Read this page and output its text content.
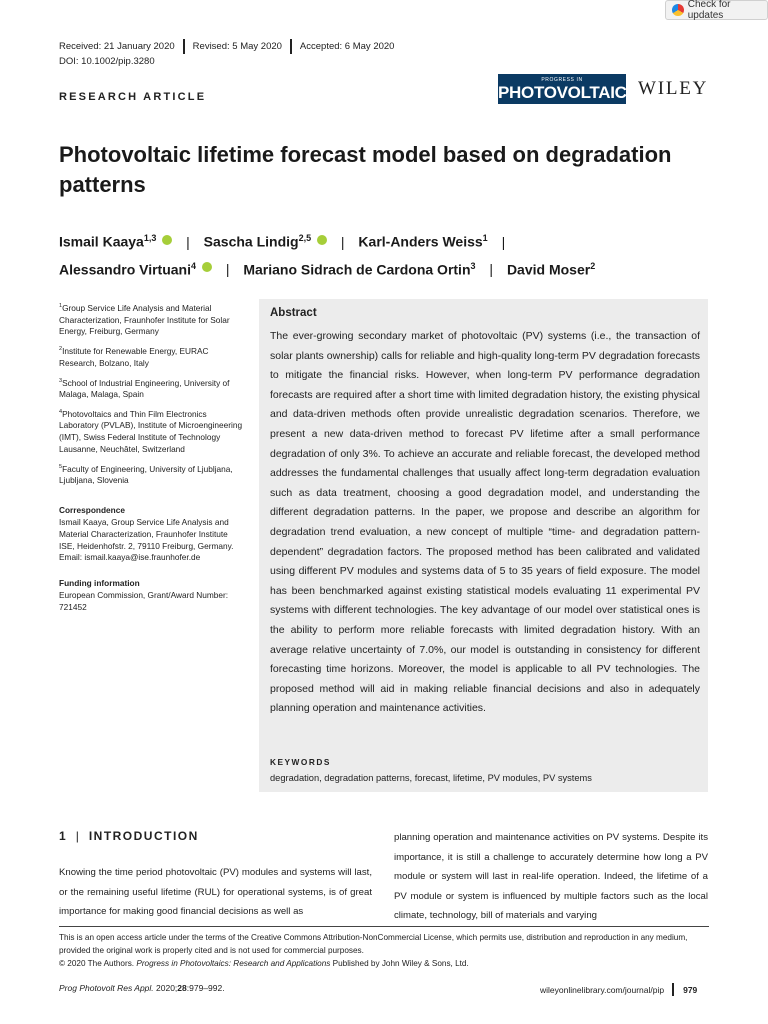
Check for updates
Received: 21 January 2020 Revised: 5 May 2020 Accepted: 6 May 2020
DOI: 10.1002/pip.3280
RESEARCH ARTICLE
PROGRESS IN
PHOTOVOLTAICS WILEY
Photovoltaic lifetime forecast model based on degradation patterns
Ismail Kaaya$^{1,3}$ iD | Sascha Lindig$^{2,5}$ iD | Karl-Anders Weiss$^1$ |
Alessandro Virtuani$^4$ iD | Mariano Sidrach de Cardona Ortin$^3$ | David Moser$^2$

$^1$Group Service Life Analysis and Material Characterization, Fraunhofer Institute for Solar Energy, Freiburg, Germany

$^2$Institute for Renewable Energy, EURAC Research, Bolzano, Italy

$^3$School of Industrial Engineering, University of Malaga, Malaga, Spain

$^4$Photovoltaics and Thin Film Electronics Laboratory (PVLAB), Institute of Microengineering (IMT), Swiss Federal Institute of Technology Lausanne, Neuchâtel, Switzerland

$^5$Faculty of Engineering, University of Ljubljana, Ljubljana, Slovenia

Correspondence

Ismail Kaaya, Group Service Life Analysis and Material Characterization, Fraunhofer Institute ISE, Heidenhofstr. 2, 79110 Freiburg, Germany.

Email: ismail.kaaya@ise.fraunhofer.de

Funding information

European Commission, Grant/Award Number: 721452

Abstract
The ever-growing secondary market of photovoltaic (PV) systems (i.e., the transaction of solar plants ownership) calls for reliable and high-quality long-term PV degradation forecasts to mitigate the financial risks. However, when long-term PV performance degradation forecasts are required after a short time with limited degradation history, the existing physical and data-driven methods often provide unrealistic degradation scenarios. Therefore, we present a new data-driven method to forecast PV lifetime after a small performance degradation of only 3%. To achieve an accurate and reliable forecast, the developed method addresses the fundamental challenges that usually affect long-term degradation evaluation such as data treatment, choosing a good degradation model, and understanding the different degradation patterns. In the paper, we propose and describe an algorithm for degradation trend evaluation, a new concept of multiple “time- and degradation pattern-dependent” degradation factors. The proposed method has been calibrated and validated using different PV modules and systems data of 5 to 35 years of field exposure. The model has been benchmarked against existing statistical models evaluating 11 experimental PV systems with different technologies. The key advantage of our model over statistical ones is the ability to perform more reliable forecasts with limited degradation history. With an average relative uncertainty of 7.0%, our model is outstanding in consistency for different forecasting time horizons. Moreover, the model is applicable to all PV technologies. The proposed method will aid in making reliable financial decisions and also in adequately planning operation and maintenance activities.
KEYWORDS
degradation, degradation patterns, forecast, lifetime, PV modules, PV systems
1 | INTRODUCTION
Knowing the time period photovoltaic (PV) modules and systems will last, or the remaining useful lifetime (RUL) for operational systems, is of great importance for making good financial decisions as well as
planning operation and maintenance activities on PV systems. Despite its importance, it is still a challenge to accurately determine how long a PV module or system will last in real-life operation. Indeed, the lifetime of a PV module or system is influenced by multiple factors such as the local climate, technology, bill of materials and varying
This is an open access article under the terms of the Creative Commons Attribution-NonCommercial License, which permits use, distribution and reproduction in any medium, provided the original work is properly cited and is not used for commercial purposes.
© 2020 The Authors. Progress in Photovoltaics: Research and Applications Published by John Wiley & Sons, Ltd.
Prog Photovolt Res Appl. 2020;28:979–992.	wileyonlinelibrary.com/journal/pip 979
